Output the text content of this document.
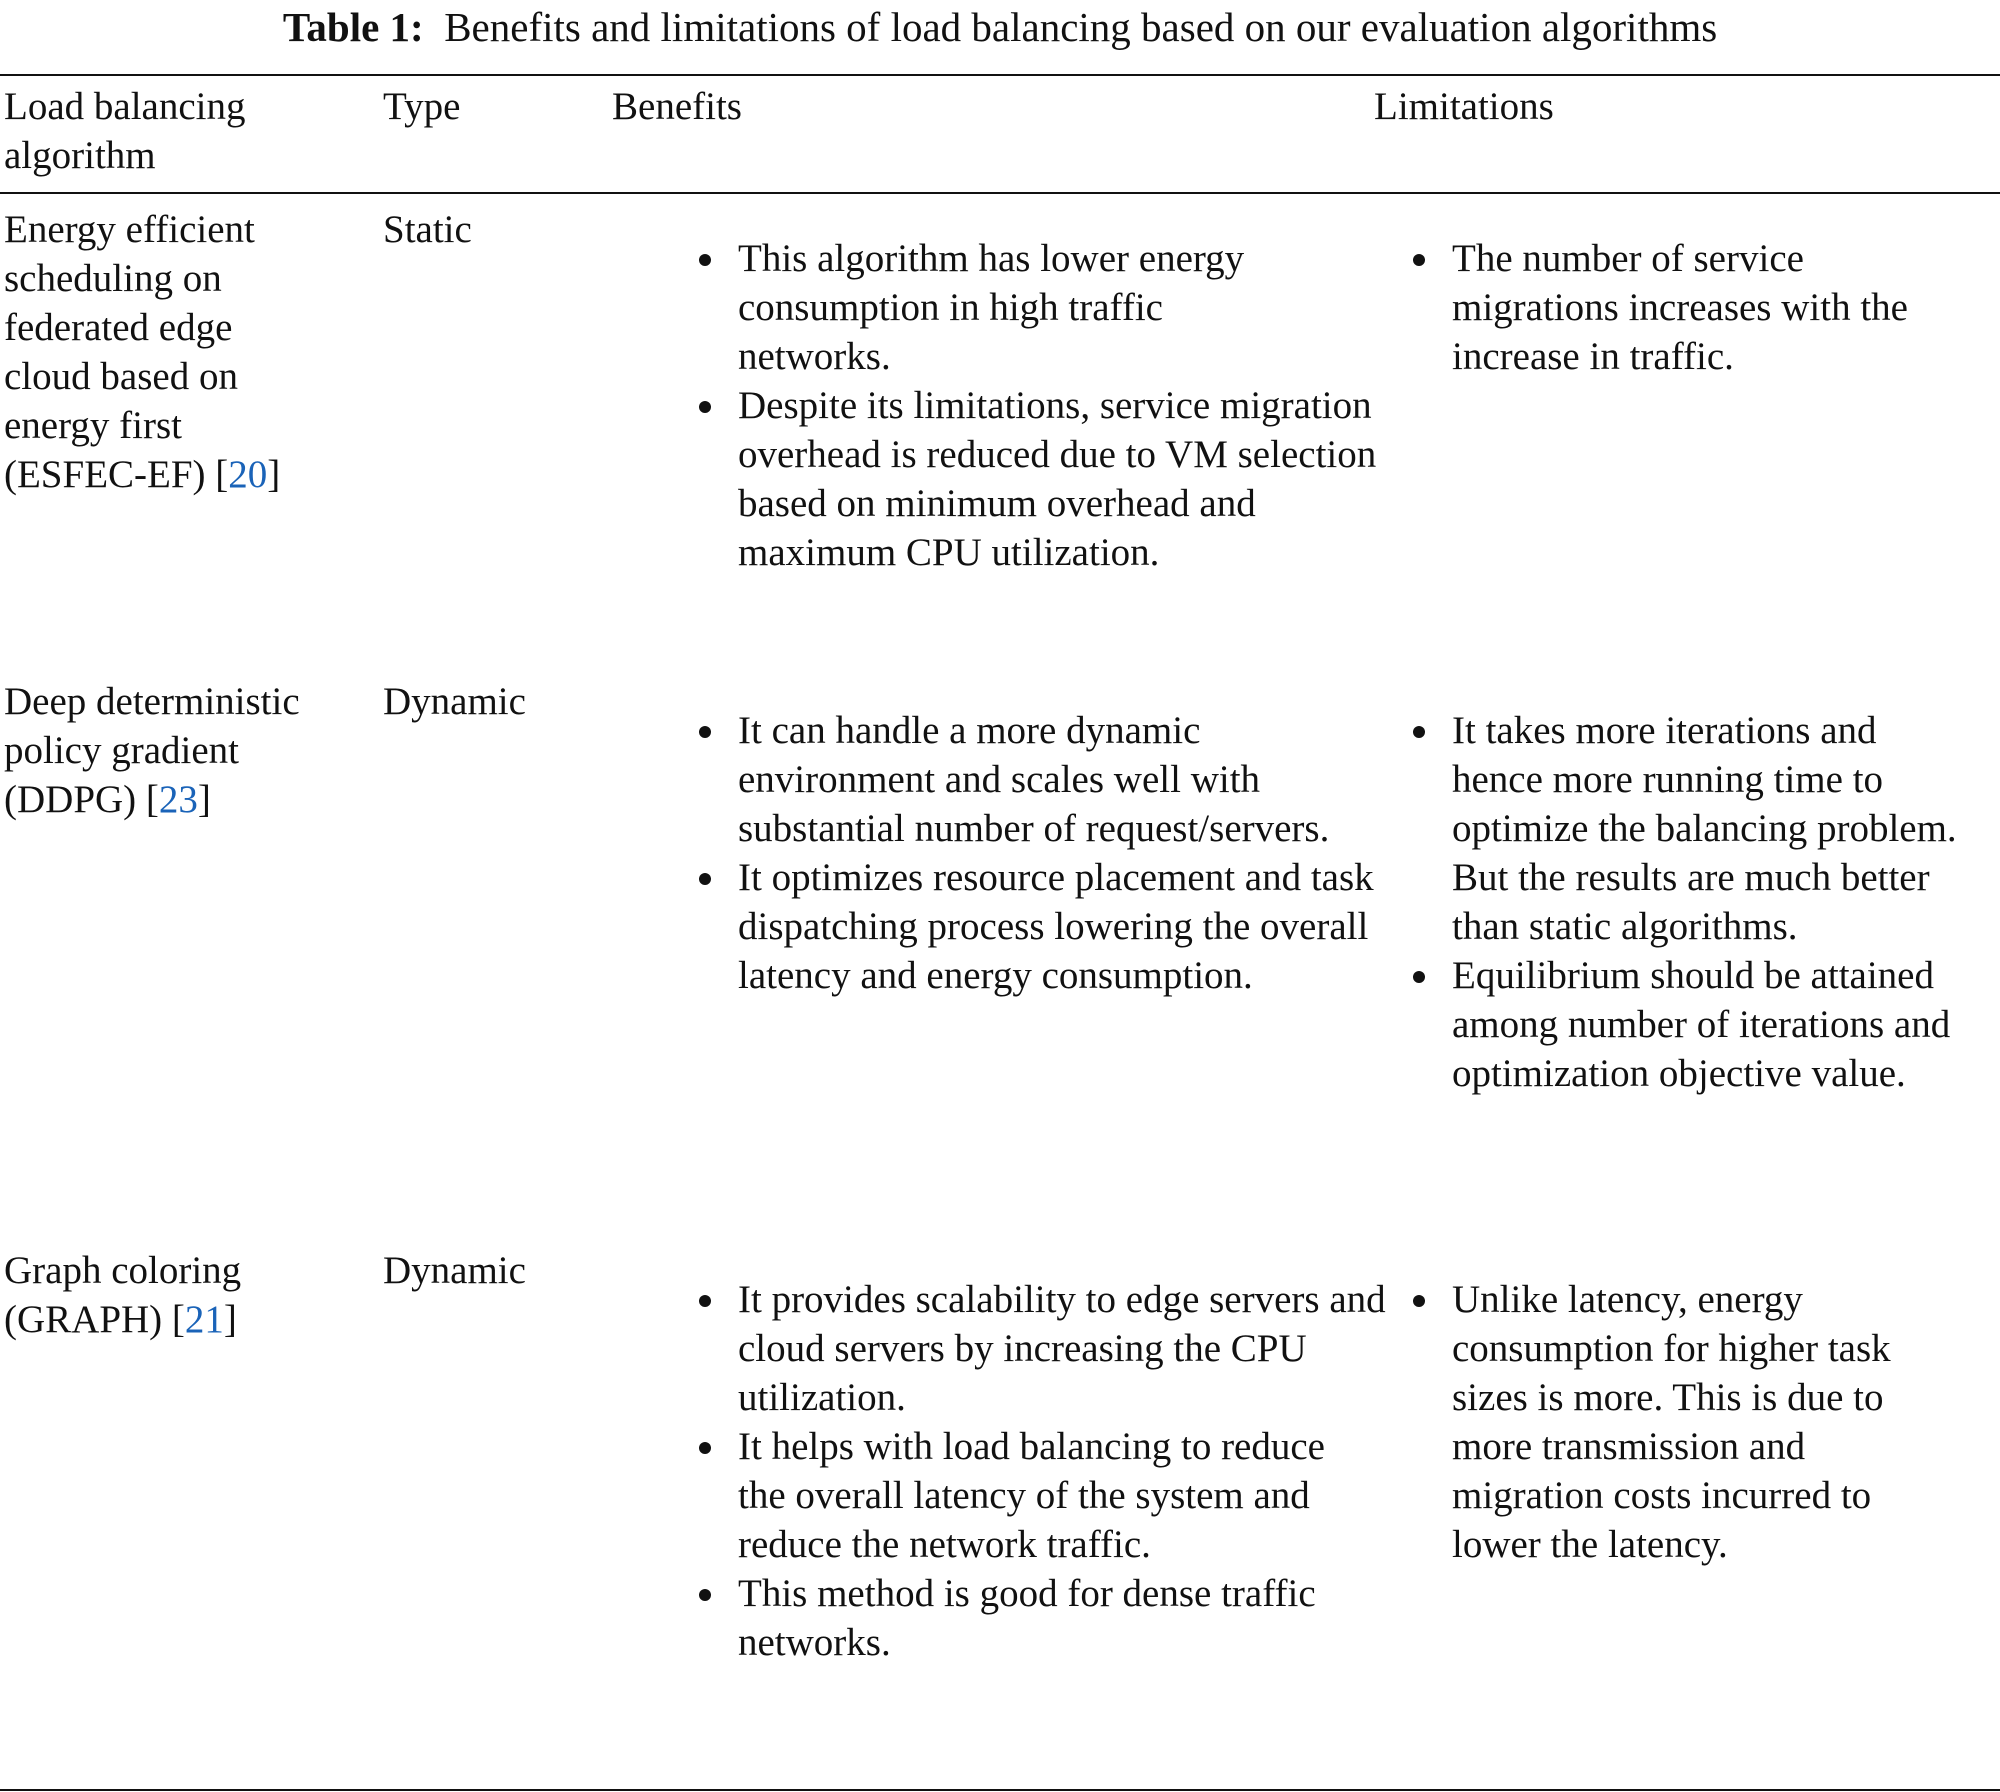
Table 1: Benefits and limitations of load balancing based on our evaluation algorithms
Load balancing algorithm
Type	Benefits	Limitations
Energy efficient scheduling on federated edge cloud based on energy first (ESFEC-EF) [20]
Static
This algorithm has lower energy consumption in high traffic networks.
Despite its limitations, service migration overhead is reduced due to VM selection based on minimum overhead and maximum CPU utilization.
The number of service migrations increases with the increase in traffic.
Deep deterministic policy gradient (DDPG) [23]
Dynamic
It can handle a more dynamic environment and scales well with substantial number of request/servers.
It optimizes resource placement and task dispatching process lowering the overall latency and energy consumption.
It takes more iterations and hence more running time to optimize the balancing problem. But the results are much better than static algorithms.
Equilibrium should be attained among number of iterations and optimization objective value.
Graph coloring (GRAPH) [21]
Dynamic
It provides scalability to edge servers and cloud servers by increasing the CPU utilization.
It helps with load balancing to reduce the overall latency of the system and reduce the network traffic.
This method is good for dense traffic networks.
Unlike latency, energy consumption for higher task sizes is more. This is due to more transmission and migration costs incurred to lower the latency.
